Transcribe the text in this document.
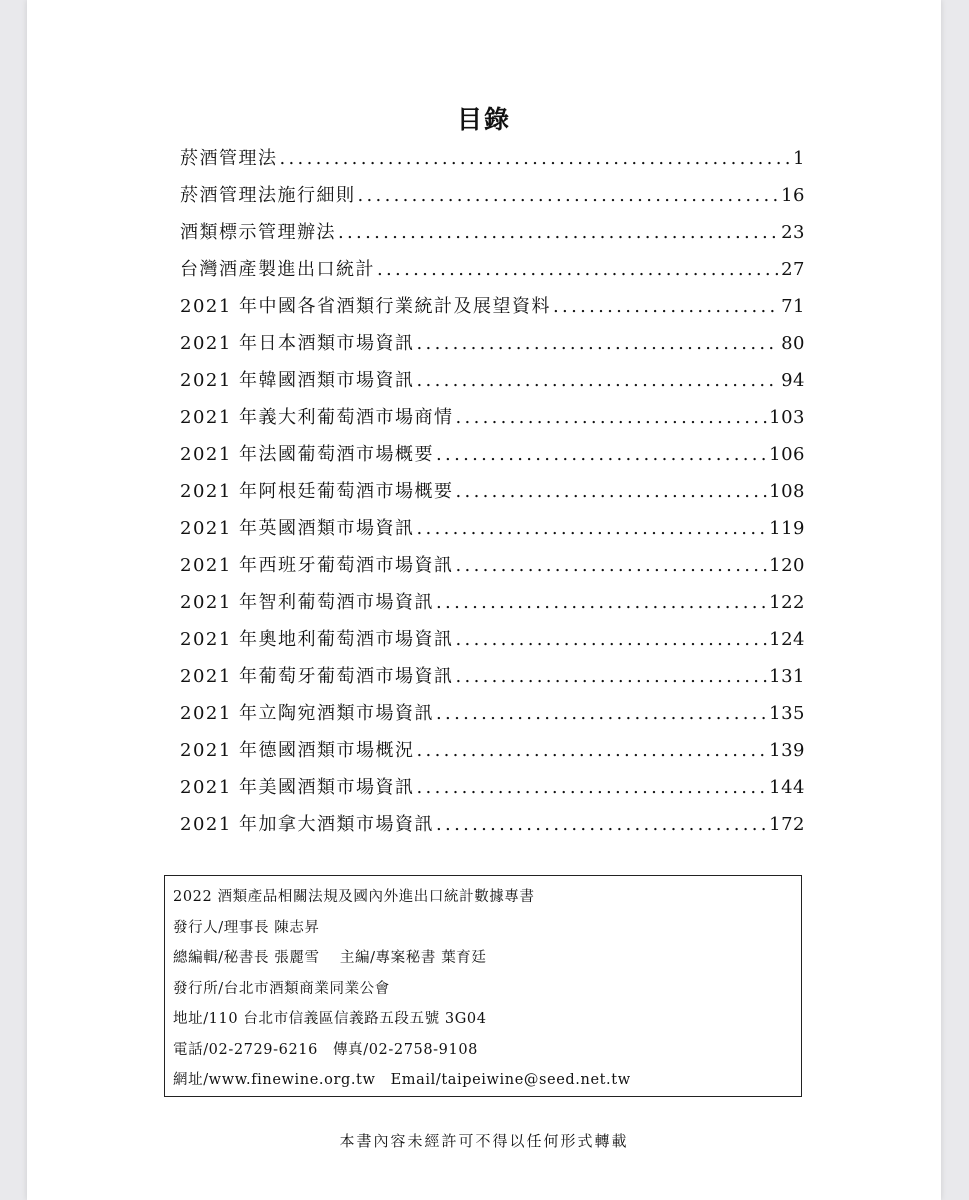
目錄
菸酒管理法 .....	1
菸酒管理法施行細則 .....	16
酒類標示管理辦法 .....	23
台灣酒產製進出口統計 .....	27
2021 年中國各省酒類行業統計及展望資料 .....	71
2021 年日本酒類市場資訊 .....	80
2021 年韓國酒類市場資訊 .....	94
2021 年義大利葡萄酒市場商情 .....	103
2021 年法國葡萄酒市場概要 .....	106
2021 年阿根廷葡萄酒市場概要 .....	108
2021 年英國酒類市場資訊 .....	119
2021 年西班牙葡萄酒市場資訊 .....	120
2021 年智利葡萄酒市場資訊 .....	122
2021 年奧地利葡萄酒市場資訊 .....	124
2021 年葡萄牙葡萄酒市場資訊 .....	131
2021 年立陶宛酒類市場資訊 .....	135
2021 年德國酒類市場概況 .....	139
2021 年美國酒類市場資訊 .....	144
2021 年加拿大酒類市場資訊 .....	172
2022 酒類產品相關法規及國內外進出口統計數據專書
發行人/理事長 陳志昇
總編輯/秘書長 張麗雪　 主編/專案秘書 葉育廷
發行所/台北市酒類商業同業公會
地址/110 台北市信義區信義路五段五號 3G04
電話/02-2729-6216　傳真/02-2758-9108
網址/www.finewine.org.tw　Email/taipeiwine@seed.net.tw
本書內容未經許可不得以任何形式轉載
